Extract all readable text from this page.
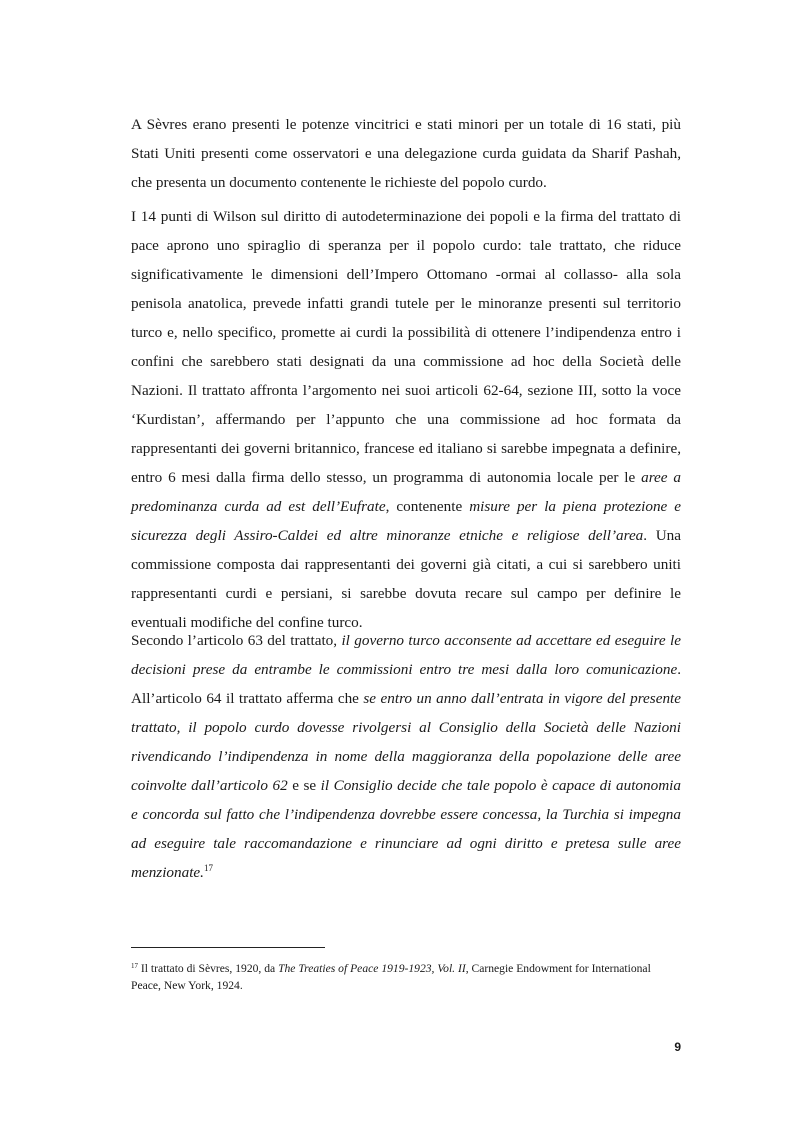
A Sèvres erano presenti le potenze vincitrici e stati minori per un totale di 16 stati, più Stati Uniti presenti come osservatori e una delegazione curda guidata da Sharif Pashah, che presenta un documento contenente le richieste del popolo curdo.

I 14 punti di Wilson sul diritto di autodeterminazione dei popoli e la firma del trattato di pace aprono uno spiraglio di speranza per il popolo curdo: tale trattato, che riduce significativamente le dimensioni dell’Impero Ottomano -ormai al collasso- alla sola penisola anatolica, prevede infatti grandi tutele per le minoranze presenti sul territorio turco e, nello specifico, promette ai curdi la possibilità di ottenere l’indipendenza entro i confini che sarebbero stati designati da una commissione ad hoc della Società delle Nazioni. Il trattato affronta l’argomento nei suoi articoli 62-64, sezione III, sotto la voce ‘Kurdistan’, affermando per l’appunto che una commissione ad hoc formata da rappresentanti dei governi britannico, francese ed italiano si sarebbe impegnata a definire, entro 6 mesi dalla firma dello stesso, un programma di autonomia locale per le aree a predominanza curda ad est dell’Eufrate, contenente misure per la piena protezione e sicurezza degli Assiro-Caldei ed altre minoranze etniche e religiose dell’area. Una commissione composta dai rappresentanti dei governi già citati, a cui si sarebbero uniti rappresentanti curdi e persiani, si sarebbe dovuta recare sul campo per definire le eventuali modifiche del confine turco.

Secondo l’articolo 63 del trattato, il governo turco acconsente ad accettare ed eseguire le decisioni prese da entrambe le commissioni entro tre mesi dalla loro comunicazione. All’articolo 64 il trattato afferma che se entro un anno dall’entrata in vigore del presente trattato, il popolo curdo dovesse rivolgersi al Consiglio della Società delle Nazioni rivendicando l’indipendenza in nome della maggioranza della popolazione delle aree coinvolte dall’articolo 62 e se il Consiglio decide che tale popolo è capace di autonomia e concorda sul fatto che l’indipendenza dovrebbe essere concessa, la Turchia si impegna ad eseguire tale raccomandazione e rinunciare ad ogni diritto e pretesa sulle aree menzionate.$^{17}$

$^{17}$ Il trattato di Sèvres, 1920, da The Treaties of Peace 1919-1923, Vol. II, Carnegie Endowment for International Peace, New York, 1924.
9
